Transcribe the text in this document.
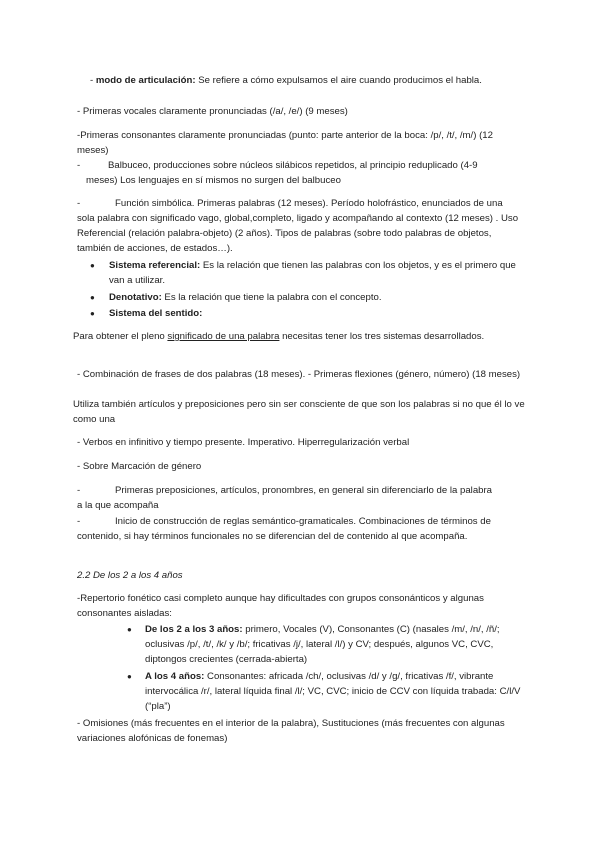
- modo de articulación: Se refiere a cómo expulsamos el aire cuando producimos el habla.

- Primeras vocales claramente pronunciadas (/a/, /e/) (9 meses)

-Primeras consonantes claramente pronunciadas (punto: parte anterior de la boca: /p/, /t/, /m/) (12 meses)

-	Balbuceo, producciones sobre núcleos silábicos repetidos, al principio reduplicado (4-9 meses) Los lenguajes en sí mismos no surgen del balbuceo

-	Función simbólica. Primeras palabras (12 meses). Período holofrástico, enunciados de una sola palabra con significado vago, global,completo, ligado y acompañando al contexto (12 meses) . Uso Referencial (relación palabra-objeto) (2 años). Tipos de palabras (sobre todo palabras de objetos, también de acciones, de estados…).

● Sistema referencial: Es la relación que tienen las palabras con los objetos, y es el primero que van a utilizar.

● Denotativo: Es la relación que tiene la palabra con el concepto.

● Sistema del sentido:

Para obtener el pleno significado de una palabra necesitas tener los tres sistemas desarrollados.

- Combinación de frases de dos palabras (18 meses). - Primeras flexiones (género, número) (18 meses)

Utiliza también artículos y preposiciones pero sin ser consciente de que son los palabras si no que él lo ve como una

- Verbos en infinitivo y tiempo presente. Imperativo. Hiperregularización verbal

- Sobre Marcación de género

-	Primeras preposiciones, artículos, pronombres, en general sin diferenciarlo de la palabra a la que acompaña

-	Inicio de construcción de reglas semántico-gramaticales. Combinaciones de términos de contenido, si hay términos funcionales no se diferencian del de contenido al que acompaña.

2.2 De los 2 a los 4 años

-Repertorio fonético casi completo aunque hay dificultades con grupos consonánticos y algunas consonantes aisladas:

● De los 2 a los 3 años: primero, Vocales (V), Consonantes (C) (nasales /m/, /n/, /ñ/; oclusivas /p/, /t/, /k/ y /b/; fricativas /j/, lateral /l/) y CV; después, algunos VC, CVC, diptongos crecientes (cerrada-abierta)

● A los 4 años: Consonantes: africada /ch/, oclusivas /d/ y /g/, fricativas /f/, vibrante intervocálica /r/, lateral líquida final /l/; VC, CVC; inicio de CCV con líquida trabada: C/l/V (“pla”)

- Omisiones (más frecuentes en el interior de la palabra), Sustituciones (más frecuentes con algunas variaciones alofónicas de fonemas)
